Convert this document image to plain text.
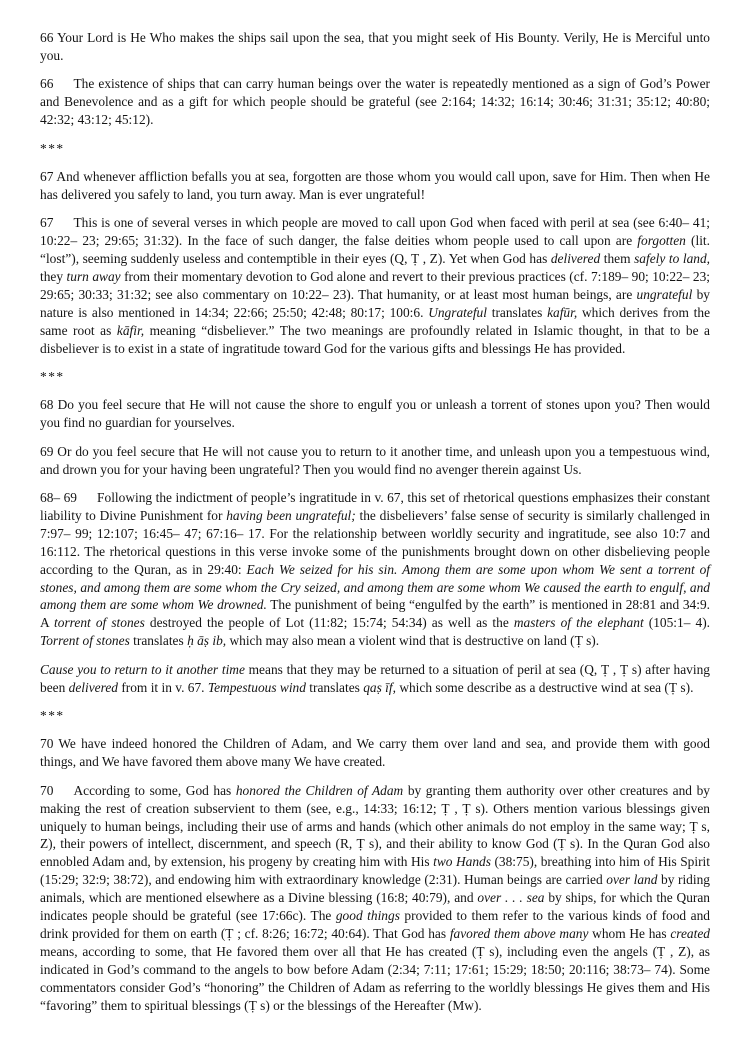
66 Your Lord is He Who makes the ships sail upon the sea, that you might seek of His Bounty. Verily, He is Merciful unto you.

66  The existence of ships that can carry human beings over the water is repeatedly mentioned as a sign of God’s Power and Benevolence and as a gift for which people should be grateful (see 2:164; 14:32; 16:14; 30:46; 31:31; 35:12; 40:80; 42:32; 43:12; 45:12).

***

67 And whenever affliction befalls you at sea, forgotten are those whom you would call upon, save for Him. Then when He has delivered you safely to land, you turn away. Man is ever ungrateful!

67  This is one of several verses in which people are moved to call upon God when faced with peril at sea (see 6:40– 41; 10:22– 23; 29:65; 31:32). In the face of such danger, the false deities whom people used to call upon are forgotten (lit. “lost”), seeming suddenly useless and contemptible in their eyes (Q, Ṭ , Z). Yet when God has delivered them safely to land, they turn away from their momentary devotion to God alone and revert to their previous practices (cf. 7:189– 90; 10:22– 23; 29:65; 30:33; 31:32; see also commentary on 10:22– 23). That humanity, or at least most human beings, are ungrateful by nature is also mentioned in 14:34; 22:66; 25:50; 42:48; 80:17; 100:6. Ungrateful translates kafūr, which derives from the same root as kāfir, meaning “disbeliever.” The two meanings are profoundly related in Islamic thought, in that to be a disbeliever is to exist in a state of ingratitude toward God for the various gifts and blessings He has provided.

***

68 Do you feel secure that He will not cause the shore to engulf you or unleash a torrent of stones upon you? Then would you find no guardian for yourselves.

69 Or do you feel secure that He will not cause you to return to it another time, and unleash upon you a tempestuous wind, and drown you for your having been ungrateful? Then you would find no avenger therein against Us.

68– 69  Following the indictment of people’s ingratitude in v. 67, this set of rhetorical questions emphasizes their constant liability to Divine Punishment for having been ungrateful; the disbelievers’ false sense of security is similarly challenged in 7:97– 99; 12:107; 16:45– 47; 67:16– 17. For the relationship between worldly security and ingratitude, see also 10:7 and 16:112. The rhetorical questions in this verse invoke some of the punishments brought down on other disbelieving people according to the Quran, as in 29:40: Each We seized for his sin. Among them are some upon whom We sent a torrent of stones, and among them are some whom the Cry seized, and among them are some whom We caused the earth to engulf, and among them are some whom We drowned. The punishment of being “engulfed by the earth” is mentioned in 28:81 and 34:9. A torrent of stones destroyed the people of Lot (11:82; 15:74; 54:34) as well as the masters of the elephant (105:1– 4). Torrent of stones translates ḥ āṣ ib, which may also mean a violent wind that is destructive on land (Ṭ s).

Cause you to return to it another time means that they may be returned to a situation of peril at sea (Q, Ṭ , Ṭ s) after having been delivered from it in v. 67. Tempestuous wind translates qaṣ īf, which some describe as a destructive wind at sea (Ṭ s).

***

70 We have indeed honored the Children of Adam, and We carry them over land and sea, and provide them with good things, and We have favored them above many We have created.

70  According to some, God has honored the Children of Adam by granting them authority over other creatures and by making the rest of creation subservient to them (see, e.g., 14:33; 16:12; Ṭ , Ṭ s). Others mention various blessings given uniquely to human beings, including their use of arms and hands (which other animals do not employ in the same way; Ṭ s, Z), their powers of intellect, discernment, and speech (R, Ṭ s), and their ability to know God (Ṭ s). In the Quran God also ennobled Adam and, by extension, his progeny by creating him with His two Hands (38:75), breathing into him of His Spirit (15:29; 32:9; 38:72), and endowing him with extraordinary knowledge (2:31). Human beings are carried over land by riding animals, which are mentioned elsewhere as a Divine blessing (16:8; 40:79), and over . . . sea by ships, for which the Quran indicates people should be grateful (see 17:66c). The good things provided to them refer to the various kinds of food and drink provided for them on earth (Ṭ ; cf. 8:26; 16:72; 40:64). That God has favored them above many whom He has created means, according to some, that He favored them over all that He has created (Ṭ s), including even the angels (Ṭ , Z), as indicated in God’s command to the angels to bow before Adam (2:34; 7:11; 17:61; 15:29; 18:50; 20:116; 38:73– 74). Some commentators consider God’s “honoring” the Children of Adam as referring to the worldly blessings He gives them and His “favoring” them to spiritual blessings (Ṭ s) or the blessings of the Hereafter (Mw).
